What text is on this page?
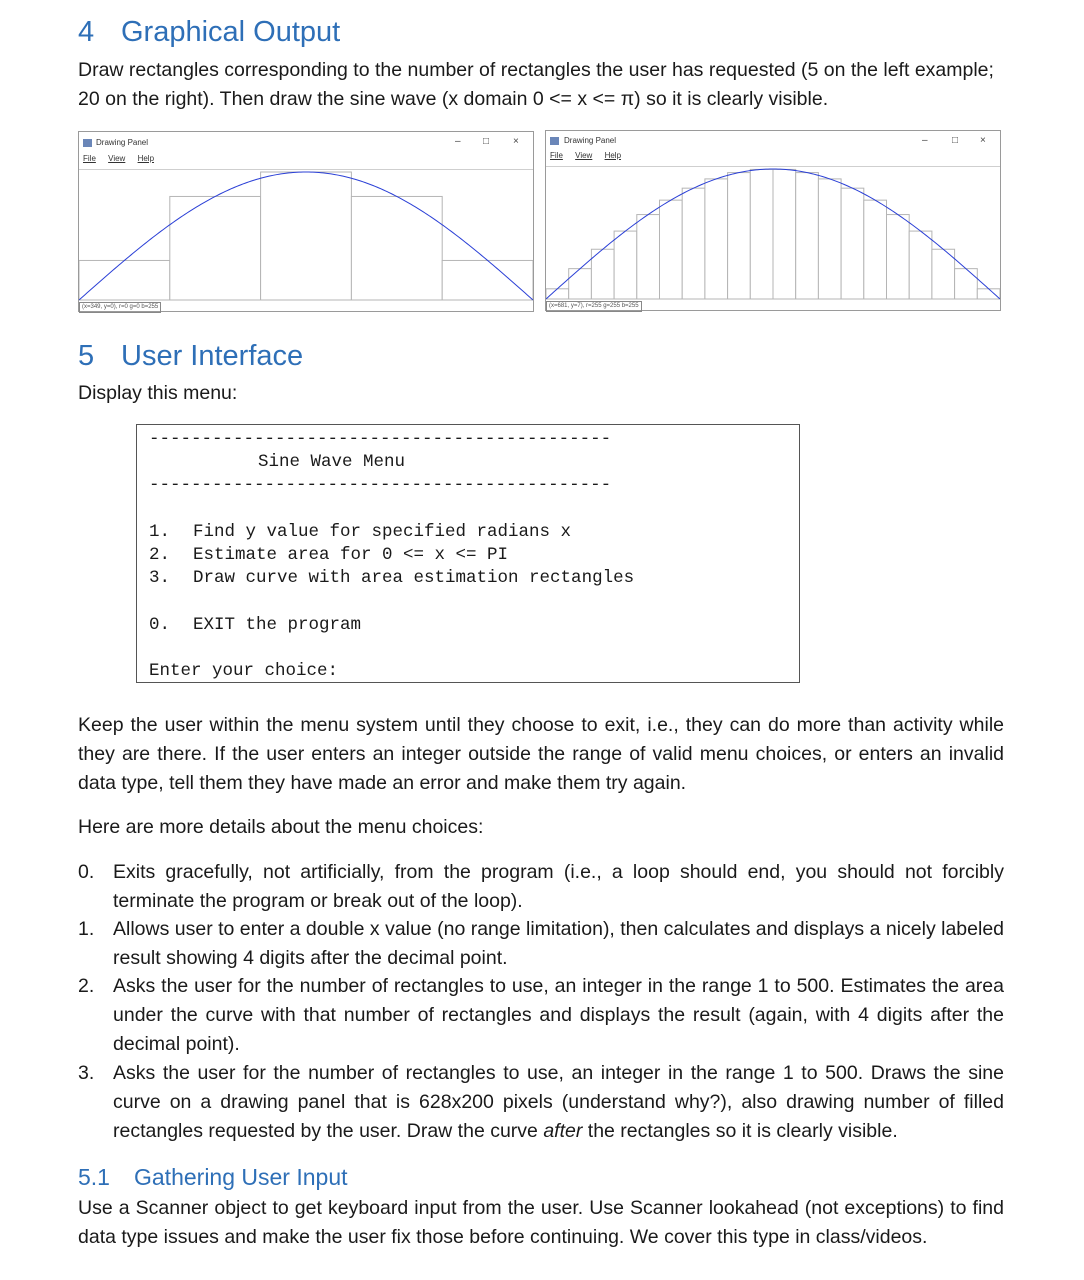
4 Graphical Output
Draw rectangles corresponding to the number of rectangles the user has requested (5 on the left example;
20 on the right). Then draw the sine wave (x domain 0 <= x <= π) so it is clearly visible.
Drawing Panel	– □ ×
File View Help
(x=349, y=0), r=0 g=0 b=255
Drawing Panel	– □ ×
File View Help
(x=681, y=7), r=255 g=255 b=255
5 User Interface
Display this menu:
--------------------------------------------
Sine Wave Menu
--------------------------------------------
1. Find y value for specified radians x
2. Estimate area for 0 <= x <= PI
3. Draw curve with area estimation rectangles
0. EXIT the program
Enter your choice:
Keep the user within the menu system until they choose to exit, i.e., they can do more than activity while they are there. If the user enters an integer outside the range of valid menu choices, or enters an invalid data type, tell them they have made an error and make them try again.
Here are more details about the menu choices:
0. Exits gracefully, not artificially, from the program (i.e., a loop should end, you should not forcibly terminate the program or break out of the loop).
1. Allows user to enter a double x value (no range limitation), then calculates and displays a nicely labeled result showing 4 digits after the decimal point.
2. Asks the user for the number of rectangles to use, an integer in the range 1 to 500. Estimates the area under the curve with that number of rectangles and displays the result (again, with 4 digits after the decimal point).
3. Asks the user for the number of rectangles to use, an integer in the range 1 to 500. Draws the sine curve on a drawing panel that is 628x200 pixels (understand why?), also drawing number of filled rectangles requested by the user. Draw the curve after the rectangles so it is clearly visible.
5.1 Gathering User Input
Use a Scanner object to get keyboard input from the user. Use Scanner lookahead (not exceptions) to find data type issues and make the user fix those before continuing. We cover this type in class/videos.
